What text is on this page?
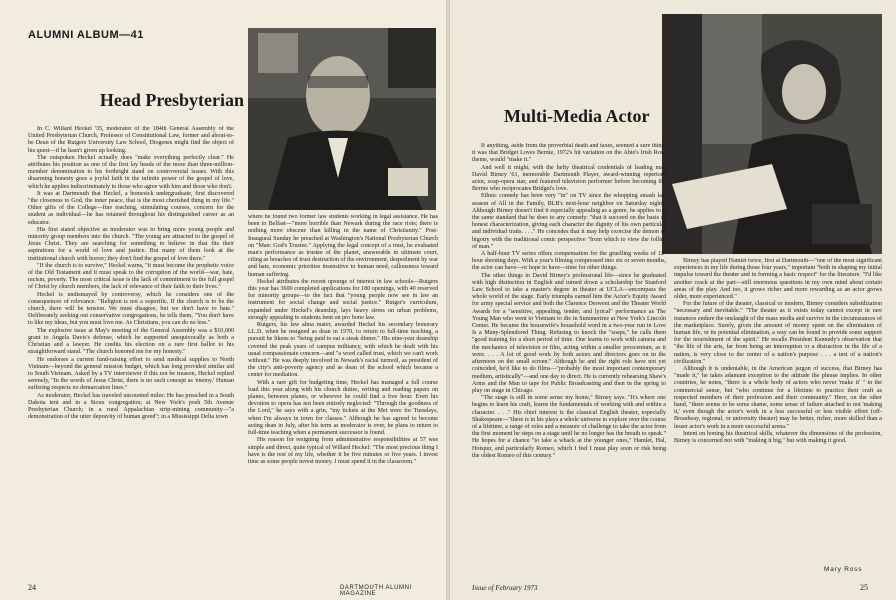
ALUMNI ALBUM—41
Head Presbyterian

In C. Willard Heckel '35, moderator of the 184th General Assembly of the United Presbyterian Church, Professor of Constitutional Law, former and about-to-be Dean of the Rutgers University Law School, Diogenes might find the object of his quest—if he hasn't given up looking.

The outspoken Heckel actually does "make everything perfectly clear." He attributes his position as one of the first lay heads of the more than three-million-member denomination to his forthright stand on controversial issues. With this disarming honesty goes a joyful faith in the infinite power of the gospel of love, which he applies indiscriminately to those who agree with him and those who don't.

It was at Dartmouth that Heckel, a homesick undergraduate, first discovered "the closeness to God, the inner peace, that is the most cherished thing in my life." Other gifts of the College—fine teaching, stimulating courses, concern for the student as individual—he has retained throughout his distinguished career as an educator.

His first stated objective as moderator was to bring more young people and minority group members into the church. "The young are attracted to the gospel of Jesus Christ. They are searching for something to believe in that fits their aspirations for a world of love and justice. But many of them look at the institutional church with horror; they don't find the gospel of love there."

"If the church is to survive," Heckel warns, "it must become the prophetic voice of the Old Testament and it must speak to the corruption of the world—war, hate, racism, poverty. The most critical issue is the lack of commitment to the full gospel of Christ by church members, the lack of relevance of their faith to their lives."

Heckel is undismayed by controversy, which he considers one of the consequences of relevance. "Religion is not a soporific. If the church is to be the church, there will be tension. We must disagree, but we don't have to hate." Deliberately seeking out conservative congregations, he tells them, "You don't have to like my ideas, but you must love me. As Christians, you can do no less."

The explosive issue at May's meeting of the General Assembly was a $10,000 grant to Angela Davis's defense, which he supported unequivocally as both a Christian and a lawyer. He credits his election on a rare first ballot to his straightforward stand. "The church honored me for my honesty."

He endorses a current fund-raising effort to send medical supplies to North Vietnam—beyond the general mission budget, which has long provided similar aid to South Vietnam. Asked by a TV interviewer if this not be treason, Heckel replied serenely, "In the words of Jesus Christ, there is no such concept as 'enemy.' Human suffering respects no demarcation lines."

As moderator, Heckel has traveled uncounted miles: He has preached in a South Dakota tent and in a Sioux congregation; at New York's posh 5th Avenue Presbyterian Church; in a rural Appalachian strip-mining community—"a demonstration of the utter depravity of human greed"; in a Mississippi Delta town

where he found two former law students working in legal assistance. He has been to Belfast—"more horrible than Newark during the race riots; there is nothing more obscene than killing in the name of Christianity." Post-Inaugural Sunday he preached at Washington's National Presbyterian Church on "Man: God's Trustee." Applying the legal concept of a trust, he evaluated man's performance as trustee of the planet, answerable in ultimate court, citing as breaches of trust destruction of the environment, despoilment by war and hate, economic priorities insensitive to human need, callousness toward human suffering.

Heckel attributes the recent upsurge of interest in law schools—Rutgers this year has 3600 completed applications for 180 openings, with 40 reserved for minority groups—to the fact that "young people now see in law an instrument for social change and social justice." Rutger's curriculum, expanded under Heckel's deanship, lays heavy stress on urban problems, strongly appealing to students bent on pro bono law.

Rutgers, his law alma mater, awarded Heckel his secondary honorary LL.D. when he resigned as dean in 1970, to return to full-time teaching, a pursuit he likens to "being paid to eat a steak dinner." His nine-year deanship covered the peak years of campus militancy, with which he dealt with his usual compassionate concern—and "a word called trust, which we can't work without." He was deeply involved in Newark's racial turmoil, as president of the city's anti-poverty agency and as dean of the school which became a center for mediation.

With a rare gift for budgeting time, Heckel has managed a full course load this year along with his church duties, writing and reading papers on planes, between planes, or wherever he could find a free hour. Even his devotion to opera has not been entirely neglected: "Through the goodness of the Lord," he says with a grin, "my tickets at the Met were for Tuesdays, when I'm always in town for classes." Although he has agreed to become acting dean in July, after his term as moderator is over, he plans to return to full-time teaching when a permanent successor is found.

His reason for resigning from administrative responsibilities at 57 was simple and direct, quite typical of Willard Heckel: "The most precious thing I have is the rest of my life, whether it be five minutes or five years. I invest time as some people invest money. I must spend it in the classroom."

24	DARTMOUTH ALUMNI MAGAZINE
Multi-Media Actor

If anything, aside from the proverbial death and taxes, seemed a sure thing, it was that Bridget Loves Bernie, 1972's hit variation on the Abie's Irish Rose theme, would "make it."

And well it might, with the hefty theatrical credentials of leading man David Birney '61, memorable Dartmouth Player, award-winning repertory actor, soap-opera star, and featured television performer before becoming the Bernie who reciprocates Bridget's love.

Ethnic comedy has been very "in" on TV since the whopping smash last season of All in the Family, BLB's next-hour neighbor on Saturday nights. Although Birney doesn't find it especially appealing as a genre, he applies to it the same standard that he does to any comedy: "that it succeed on the basis of honest characterization, giving each character the dignity of his own particular and individual traits. . . ." He concedes that it may help exorcise the demon of bigotry with the traditional comic perspective "from which to view the follies of man."

A half-hour TV series offers compensation for the gruelling weeks of 12-hour shooting days. With a year's filming compressed into six or seven months, the actor can have—or hope to have—time for other things.

The other things in David Birney's professional life—since he graduated with high distinction in English and turned down a scholarship for Stanford Law School to take a master's degree in theater at UCLA—encompass the whole world of the stage. Early triumphs earned him the Actor's Equity Award for army special service and both the Clarence Derwent and the Theater World Awards for a "sensitive, appealing, tender, and lyrical" performance as The Young Man who went to Vietnam to die in Summertree at New York's Lincoln Center. He became the housewife's household word in a two-year run in Love Is a Many-Splendored Thing. Refusing to knock the "soaps," he calls them "good training for a short period of time. One learns to work with camera and the mechanics of television or film, acting within a smaller proscenium, as it were. . . . A lot of good work by both actors and directors goes on in the afternoon on the small screen." Although he and the right role have not yet coincided, he'd like to do films—"probably the most important contemporary medium, artistically"—and one day to direct. He is currently rehearsing Shaw's Arms and the Man to tape for Public Broadcasting and then in the spring to play on stage in Chicago.

"The stage is still in some sense my home," Birney says. "It's where one begins to learn his craft, learns the fundamentals of working with and within a character. . . ." His chief interest is the classical English theater, especially Shakespeare—"there is in his plays a whole universe to explore over the course of a lifetime, a range of roles and a measure of challenge to take the actor from the first moment he steps on a stage until he no longer has the breath to speak." He hopes for a chance "to take a whack at the younger ones," Hamlet, Hal, Hotspur, and particularly Romeo, which I feel I must play soon or risk being the oldest Romeo of this century."

Birney has played Hamlet twice, first at Dartmouth—"one of the most significant experiences in my life during those four years," important "both in shaping my initial impulse toward the theater and in forming a basic respect" for the literature. "I'd like another crack at the part—still enormous questions in my own mind about certain areas of the play. And too, it grows richer and more rewarding as an actor grows older, more experienced."

For the future of the theater, classical or modern, Birney considers subsidization "necessary and inevitable." "The theater as it exists today cannot except in rare instances endure the onslaught of the mass media and survive in the circumstances of the marketplace. Surely, given the amount of money spent on the elimination of human life, or its potential elimination, a way can be found to provide some support for the nourishment of the spirit." He recalls President Kennedy's observation that "the life of the arts, far from being an interruption or a distraction in the life of a nation, is very close to the center of a nation's purpose . . . a test of a nation's civilization."

Although it is undeniable, in the American jargon of success, that Birney has "made it," he takes adamant exception to the attitude the phrase implies. In other countries, he notes, "there is a whole body of actors who never 'make it' " in the commercial sense, but "who continue for a lifetime to practice their craft as respected members of their profession and their community." Here, on the other hand, "there seems to be some shame, some sense of failure attached to not 'making it,' even though the actor's work in a less successful or less visible effort (off-Broadway, regional, or university theater) may be better, richer, more skilled than a lesser actor's work in a more successful arena."

Intent on honing his theatrical skills, whatever the dimensions of the profession, Birney is concerned not with "making it big," but with making it good.

Mary Ross
Issue of February 1973	25
